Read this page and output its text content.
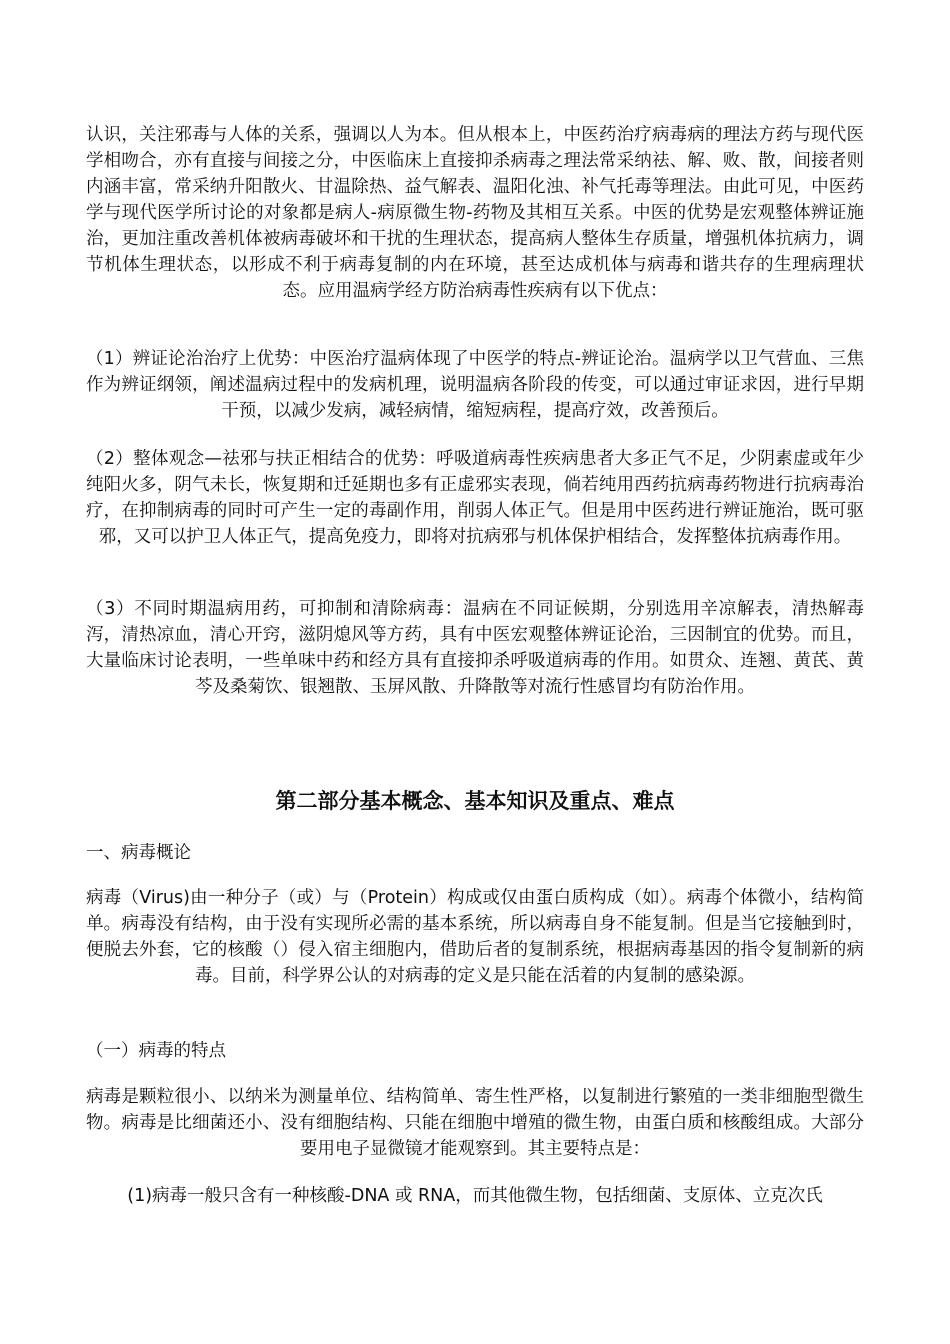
认识，关注邪毒与人体的关系，强调以人为本。但从根本上，中医药治疗病毒病的理法方药与现代医学相吻合，亦有直接与间接之分，中医临床上直接抑杀病毒之理法常采纳祛、解、败、散，间接者则内涵丰富，常采纳升阳散火、甘温除热、益气解表、温阳化浊、补气托毒等理法。由此可见，中医药学与现代医学所讨论的对象都是病人-病原微生物-药物及其相互关系。中医的优势是宏观整体辨证施治，更加注重改善机体被病毒破坏和干扰的生理状态，提高病人整体生存质量，增强机体抗病力，调节机体生理状态，以形成不利于病毒复制的内在环境，甚至达成机体与病毒和谐共存的生理病理状态。应用温病学经方防治病毒性疾病有以下优点：

（1）辨证论治治疗上优势：中医治疗温病体现了中医学的特点-辨证论治。温病学以卫气营血、三焦作为辨证纲领，阐述温病过程中的发病机理，说明温病各阶段的传变，可以通过审证求因，进行早期干预，以减少发病，减轻病情，缩短病程，提高疗效，改善预后。

（2）整体观念—祛邪与扶正相结合的优势：呼吸道病毒性疾病患者大多正气不足，少阴素虚或年少纯阳火多，阴气未长，恢复期和迁延期也多有正虚邪实表现，倘若纯用西药抗病毒药物进行抗病毒治疗，在抑制病毒的同时可产生一定的毒副作用，削弱人体正气。但是用中医药进行辨证施治，既可驱邪，又可以护卫人体正气，提高免疫力，即将对抗病邪与机体保护相结合，发挥整体抗病毒作用。

（3）不同时期温病用药，可抑制和清除病毒：温病在不同证候期，分别选用辛凉解表，清热解毒泻，清热凉血，清心开窍，滋阴熄风等方药，具有中医宏观整体辨证论治，三因制宜的优势。而且，大量临床讨论表明，一些单味中药和经方具有直接抑杀呼吸道病毒的作用。如贯众、连翘、黄芪、黄芩及桑菊饮、银翘散、玉屏风散、升降散等对流行性感冒均有防治作用。

第二部分基本概念、基本知识及重点、难点

一、病毒概论

病毒（Virus)由一种分子（或）与（Protein）构成或仅由蛋白质构成（如）。病毒个体微小，结构简单。病毒没有结构，由于没有实现所必需的基本系统，所以病毒自身不能复制。但是当它接触到时，便脱去外套，它的核酸（）侵入宿主细胞内，借助后者的复制系统，根据病毒基因的指令复制新的病毒。目前，科学界公认的对病毒的定义是只能在活着的内复制的感染源。

（一）病毒的特点

病毒是颗粒很小、以纳米为测量单位、结构简单、寄生性严格，以复制进行繁殖的一类非细胞型微生物。病毒是比细菌还小、没有细胞结构、只能在细胞中增殖的微生物，由蛋白质和核酸组成。大部分要用电子显微镜才能观察到。其主要特点是：

(1)病毒一般只含有一种核酸-DNA 或 RNA，而其他微生物，包括细菌、支原体、立克次氏
